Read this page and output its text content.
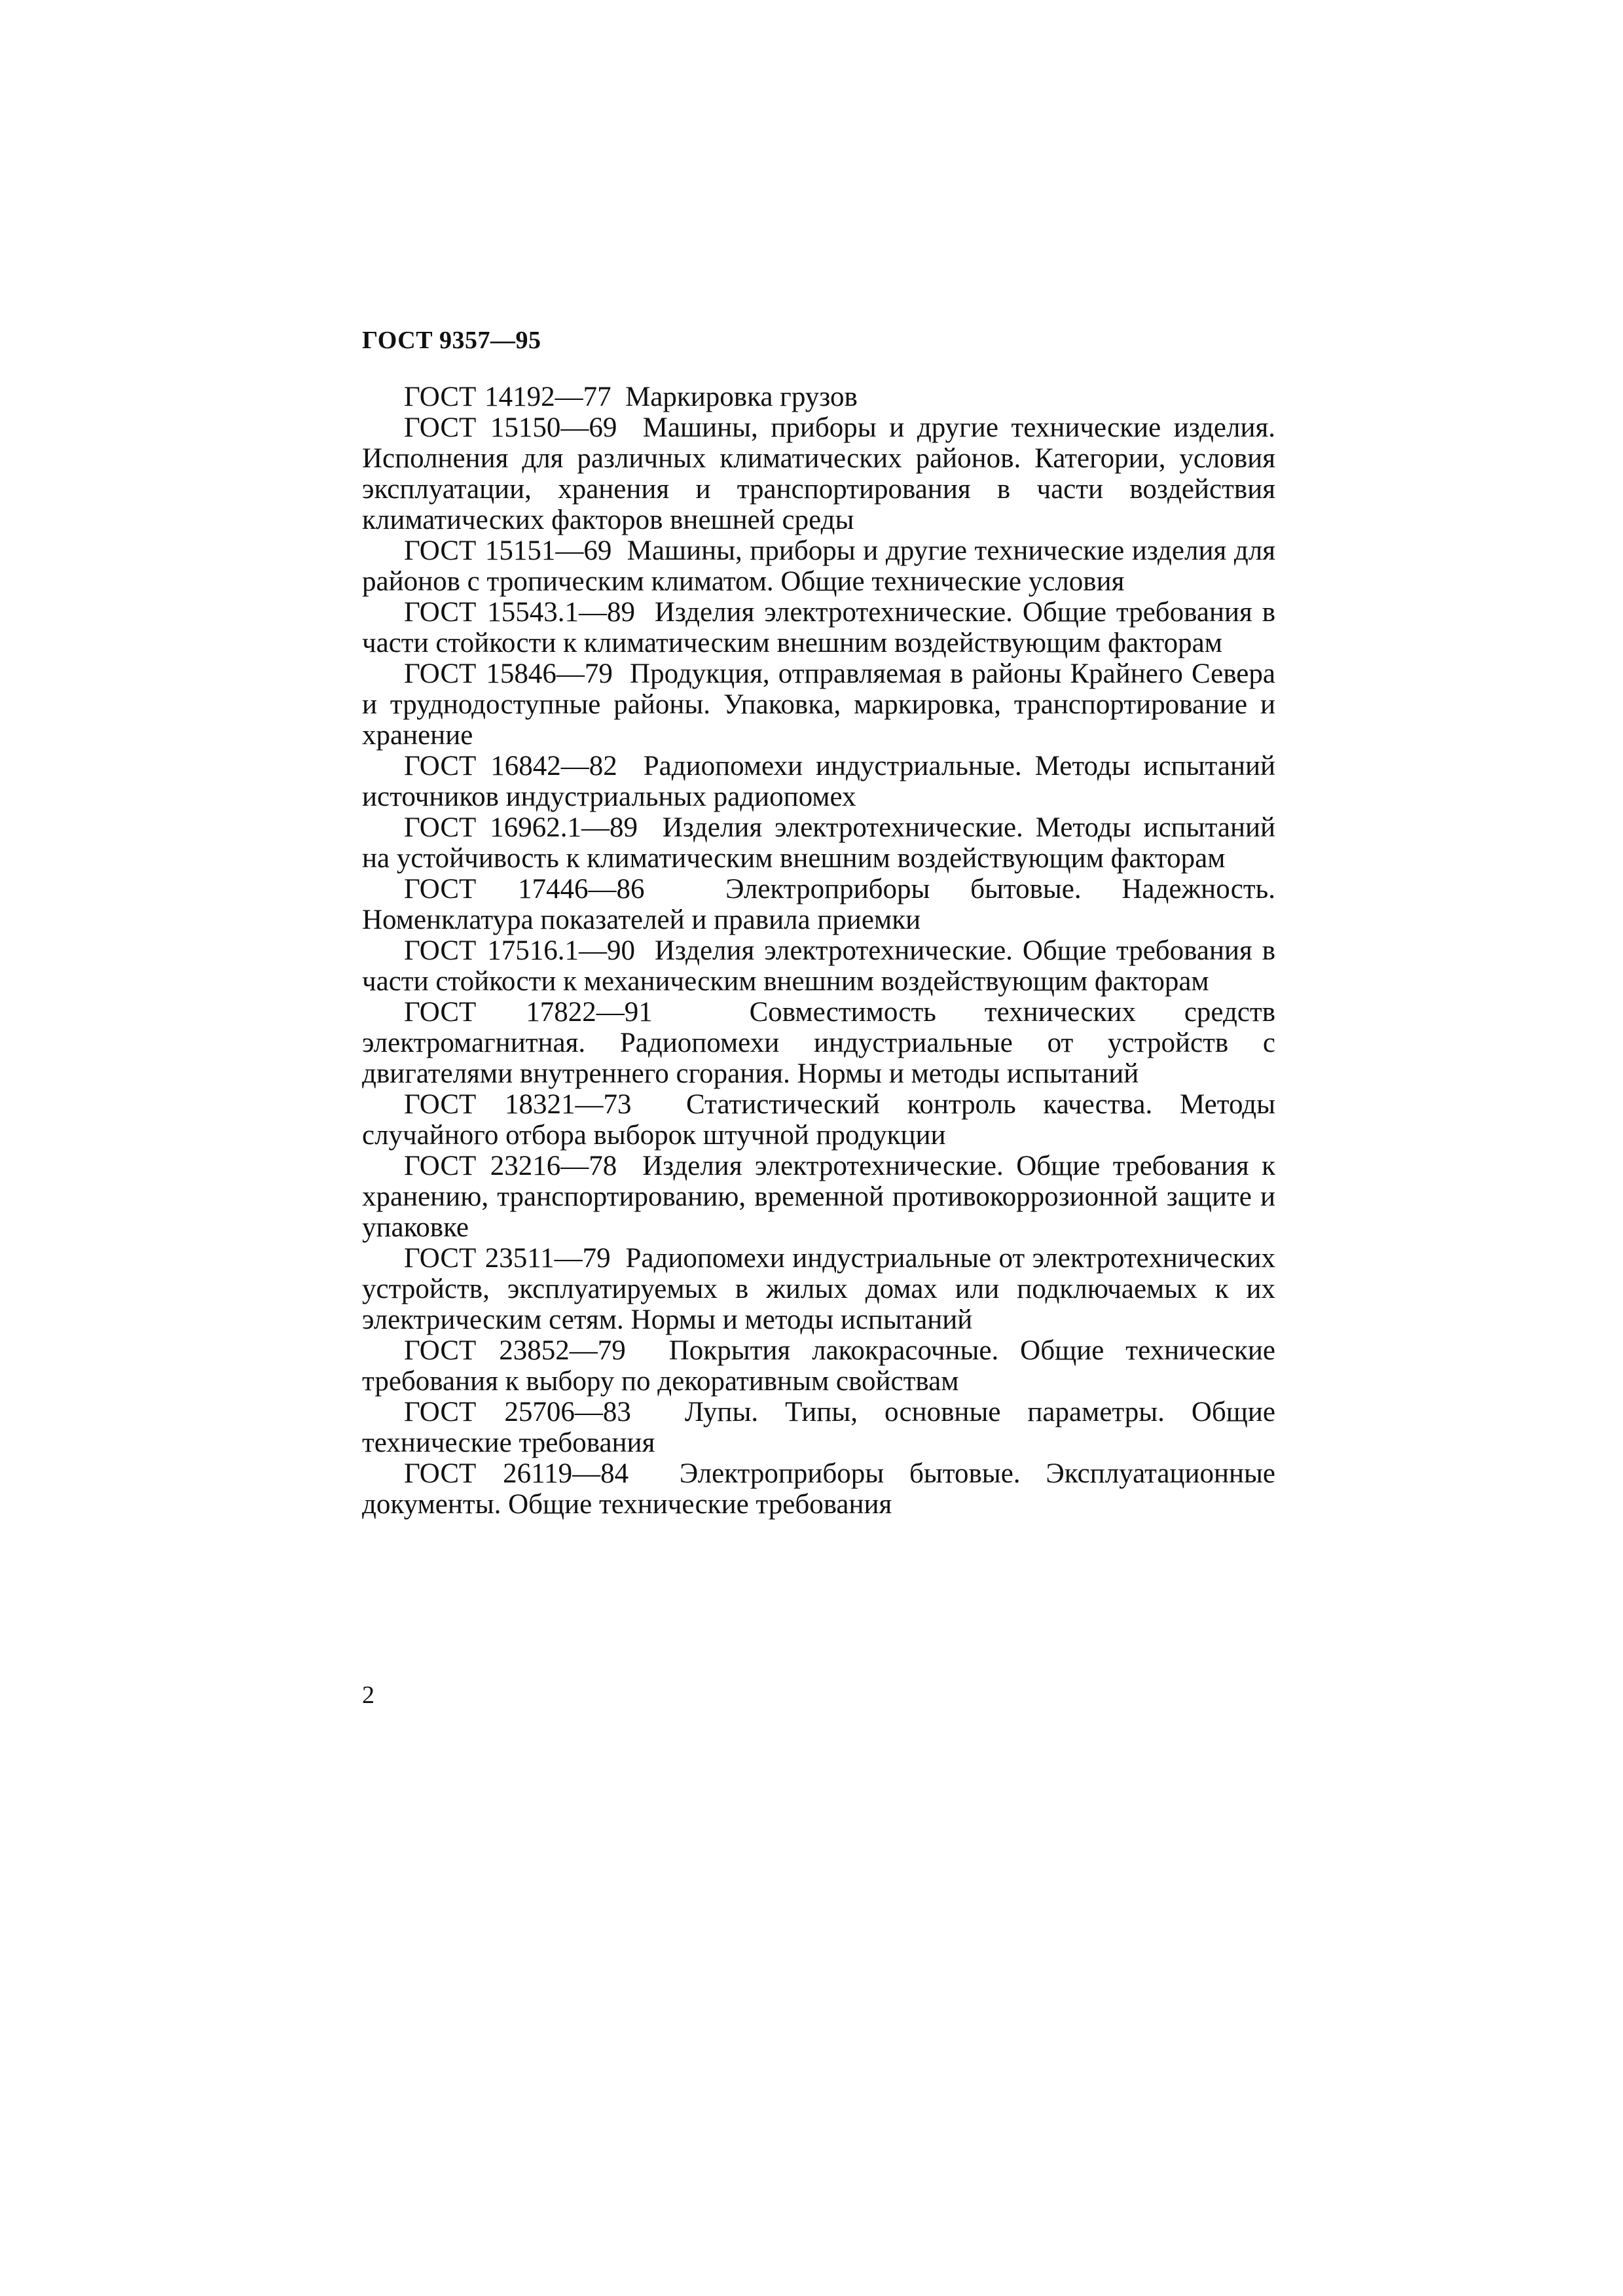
ГОСТ 9357—95

ГОСТ 14192—77 Маркировка грузов

ГОСТ 15150—69 Машины, приборы и другие технические изделия. Исполнения для различных климатических районов. Категории, условия эксплуатации, хранения и транспортирования в части воздействия климатических факторов внешней среды

ГОСТ 15151—69 Машины, приборы и другие технические изделия для районов с тропическим климатом. Общие технические условия

ГОСТ 15543.1—89 Изделия электротехнические. Общие требования в части стойкости к климатическим внешним воздействующим факторам

ГОСТ 15846—79 Продукция, отправляемая в районы Крайнего Севера и труднодоступные районы. Упаковка, маркировка, транспортирование и хранение

ГОСТ 16842—82 Радиопомехи индустриальные. Методы испытаний источников индустриальных радиопомех

ГОСТ 16962.1—89 Изделия электротехнические. Методы испытаний на устойчивость к климатическим внешним воздействующим факторам

ГОСТ 17446—86	Электроприборы бытовые. Надежность. Номенклатура показателей и правила приемки

ГОСТ 17516.1—90 Изделия электротехнические. Общие требования в части стойкости к механическим внешним воздействующим факторам

ГОСТ 17822—91	Совместимость технических средств электромагнитная. Радиопомехи индустриальные от устройств с двигателями внутреннего сгорания. Нормы и методы испытаний

ГОСТ 18321—73 Статистический контроль качества. Методы случайного отбора выборок штучной продукции

ГОСТ 23216—78 Изделия электротехнические. Общие требования к хранению, транспортированию, временной противокоррозионной защите и упаковке

ГОСТ 23511—79 Радиопомехи индустриальные от электротехнических устройств, эксплуатируемых в жилых домах или подключаемых к их электрическим сетям. Нормы и методы испытаний

ГОСТ 23852—79 Покрытия лакокрасочные. Общие технические требования к выбору по декоративным свойствам

ГОСТ 25706—83 Лупы. Типы, основные параметры. Общие технические требования

ГОСТ 26119—84 Электроприборы бытовые. Эксплуатационные документы. Общие технические требования

2
